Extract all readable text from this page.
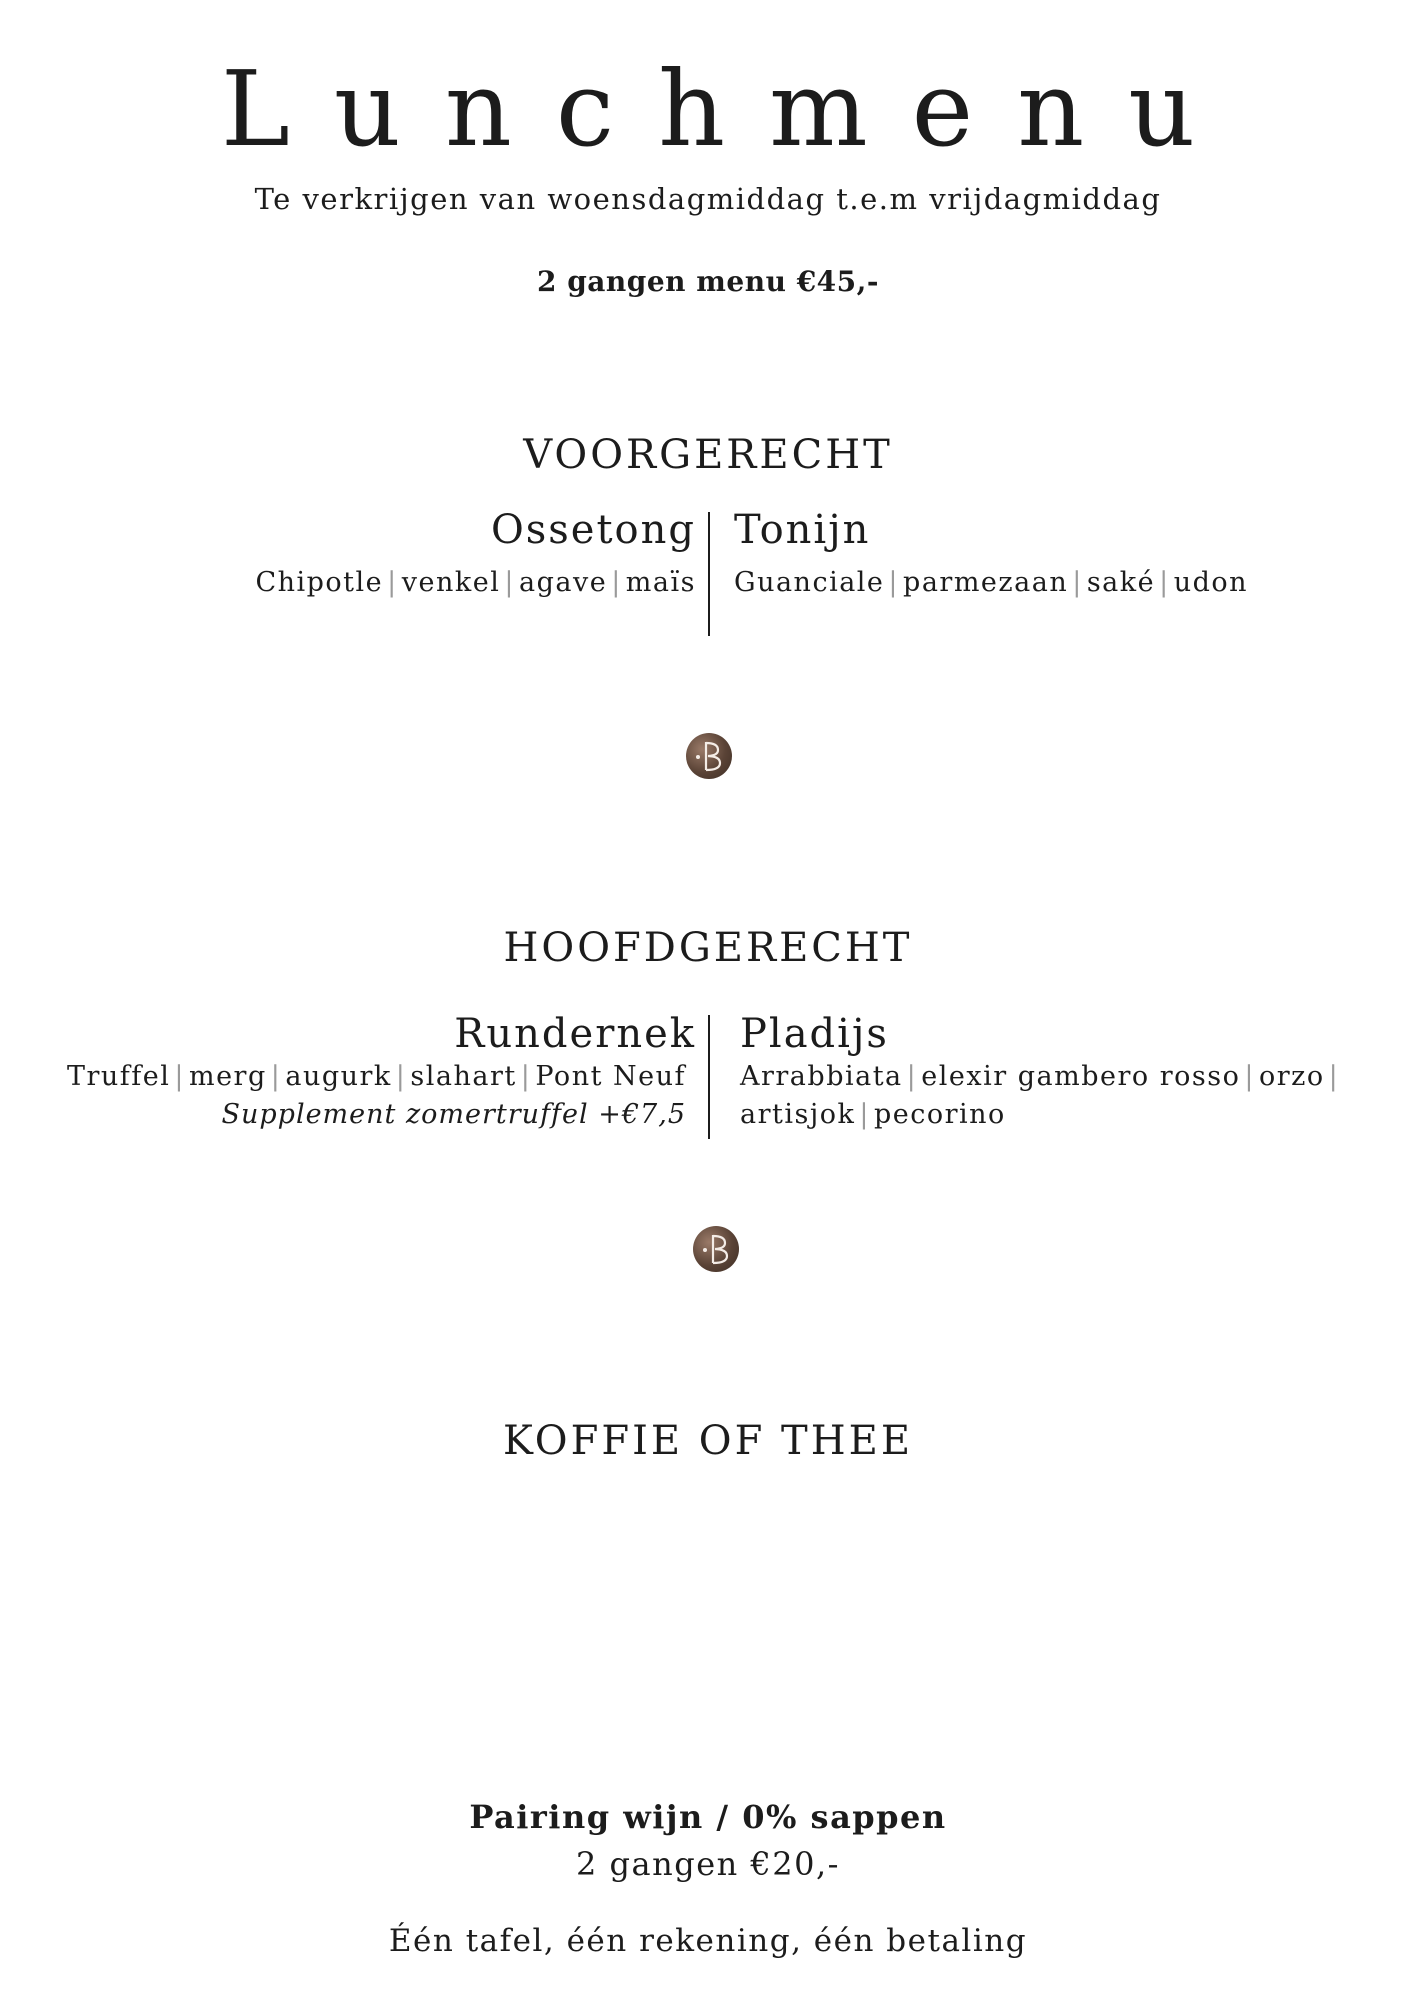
Lunchmenu
Te verkrijgen van woensdagmiddag t.e.m vrijdagmiddag
2 gangen menu €45,-
VOORGERECHT
Ossetong
Chipotle | venkel | agave | maïs
Tonijn
Guanciale | parmezaan | saké | udon
HOOFDGERECHT
Rundernek
Truffel | merg | augurk | slahart | Pont Neuf
Supplement zomertruffel +€7,5
Pladijs
Arrabbiata | elexir gambero rosso | orzo |
artisjok | pecorino
KOFFIE OF THEE
Pairing wijn / 0% sappen
2 gangen €20,-
Één tafel, één rekening, één betaling
